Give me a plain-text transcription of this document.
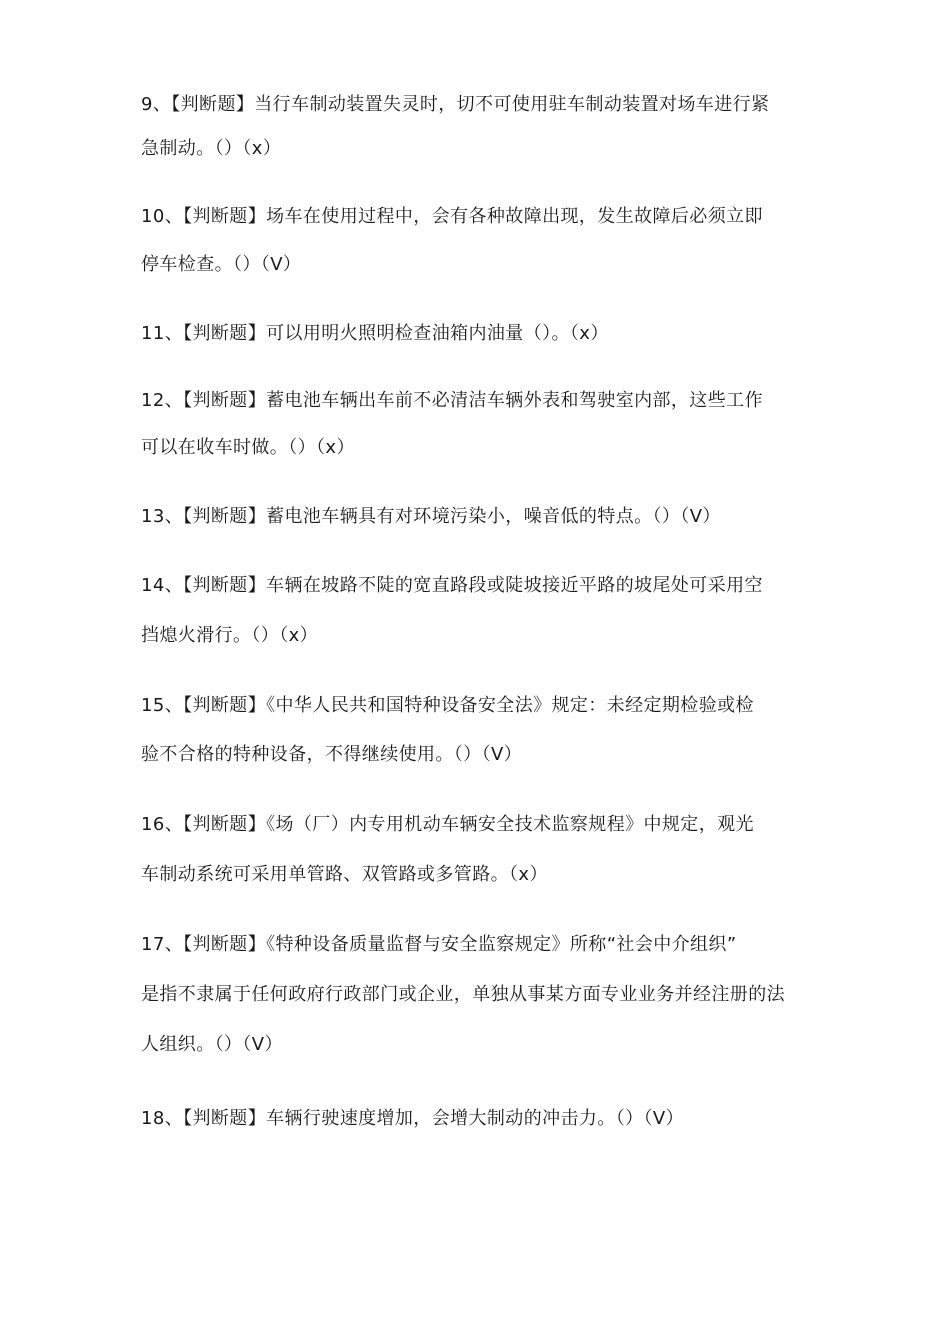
9、【判断题】当行车制动装置失灵时，切不可使用驻车制动装置对场车进行紧
急制动。（）（x）
10、【判断题】场车在使用过程中，会有各种故障出现，发生故障后必须立即
停车检查。（）（V）
11、【判断题】可以用明火照明检查油箱内油量（）。（x）
12、【判断题】蓄电池车辆出车前不必清洁车辆外表和驾驶室内部，这些工作
可以在收车时做。（）（x）
13、【判断题】蓄电池车辆具有对环境污染小，噪音低的特点。（）（V）
14、【判断题】车辆在坡路不陡的宽直路段或陡坡接近平路的坡尾处可采用空
挡熄火滑行。（）（x）
15、【判断题】《中华人民共和国特种设备安全法》规定：未经定期检验或检
验不合格的特种设备，不得继续使用。（）（V）
16、【判断题】《场（厂）内专用机动车辆安全技术监察规程》中规定，观光
车制动系统可采用单管路、双管路或多管路。（x）
17、【判断题】《特种设备质量监督与安全监察规定》所称“社会中介组织”
是指不隶属于任何政府行政部门或企业，单独从事某方面专业业务并经注册的法
人组织。（）（V）
18、【判断题】车辆行驶速度增加，会增大制动的冲击力。（）（V）
